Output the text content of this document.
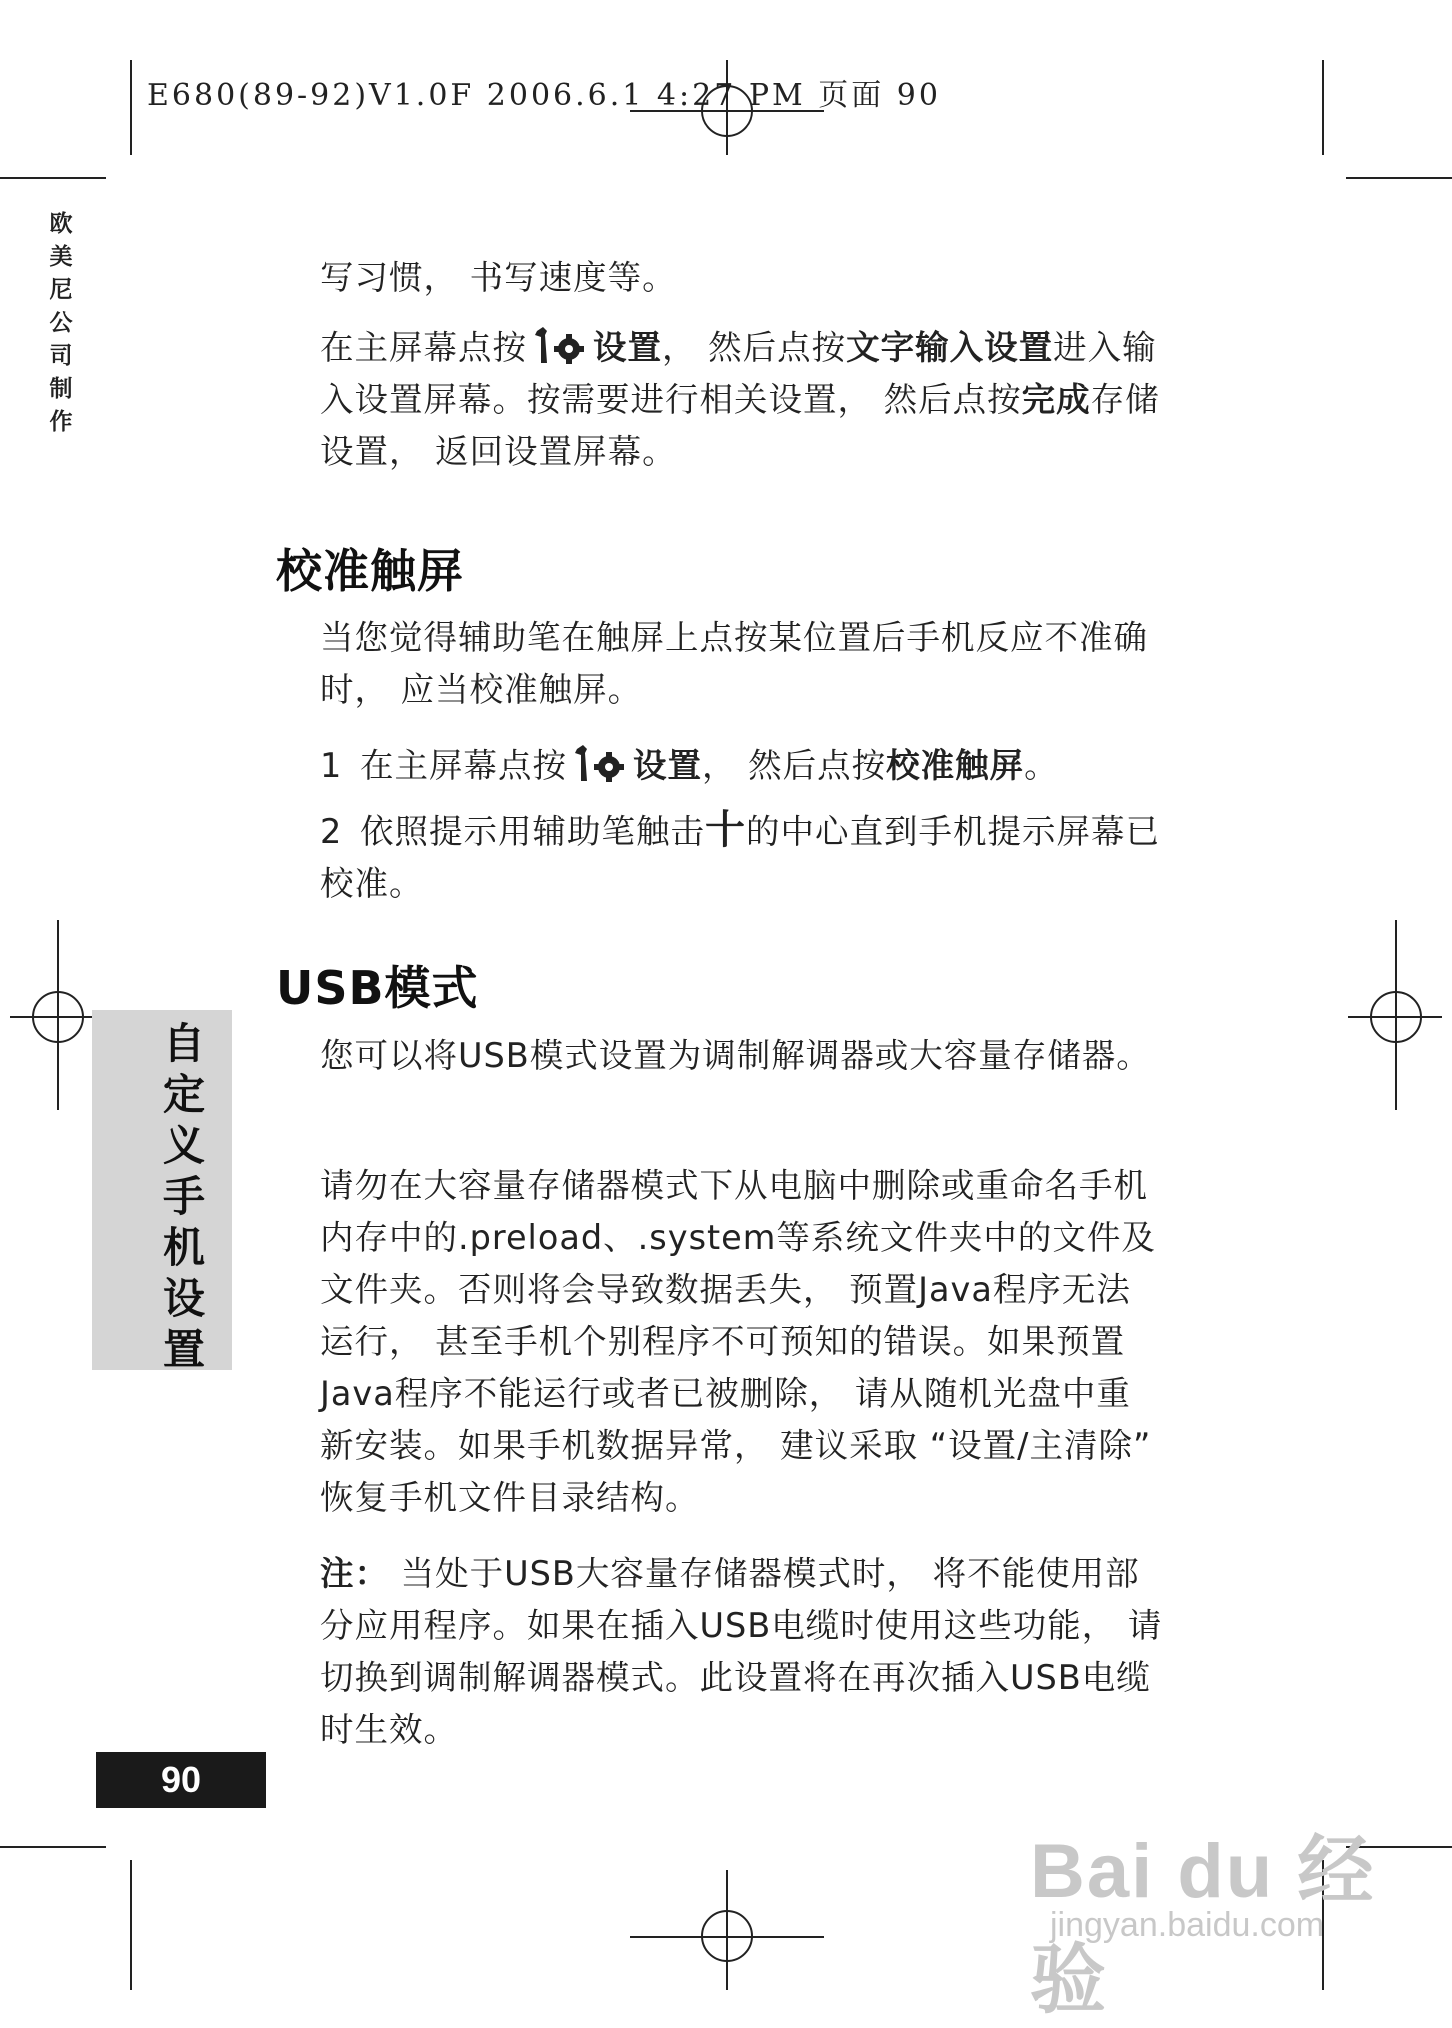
E680(89-92)V1.0F 2006.6.1 4:27 PM 页面 90
欧
美
尼
公
司
制
作
写习惯， 书写速度等。
在主屏幕点按 设置， 然后点按文字输入设置进入输入设置屏幕。按需要进行相关设置， 然后点按完成存储设置， 返回设置屏幕。
校准触屏
当您觉得辅助笔在触屏上点按某位置后手机反应不准确时， 应当校准触屏。
1 在主屏幕点按 设置， 然后点按校准触屏。
2 依照提示用辅助笔触击十的中心直到手机提示屏幕已校准。
USB模式
您可以将USB模式设置为调制解调器或大容量存储器。
请勿在大容量存储器模式下从电脑中删除或重命名手机内存中的.preload、.system等系统文件夹中的文件及文件夹。否则将会导致数据丢失， 预置Java程序无法运行， 甚至手机个别程序不可预知的错误。如果预置Java程序不能运行或者已被删除， 请从随机光盘中重新安装。如果手机数据异常， 建议采取 “设置/主清除” 恢复手机文件目录结构。
注： 当处于USB大容量存储器模式时， 将不能使用部分应用程序。如果在插入USB电缆时使用这些功能， 请切换到调制解调器模式。此设置将在再次插入USB电缆时生效。
自
定
义
手
机
设
置
90
Bai du 经验
jingyan.baidu.com
